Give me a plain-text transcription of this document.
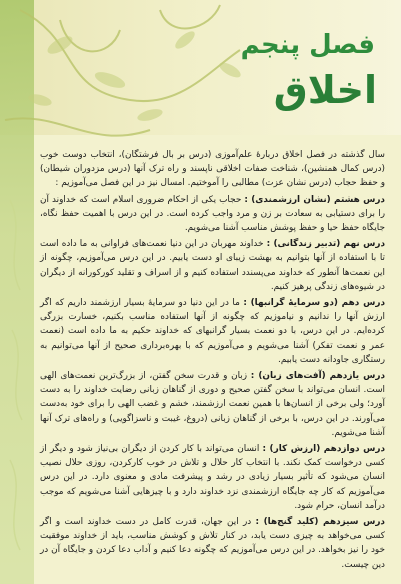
فصل پنجم
اخلاق

سال گذشته در فصل اخلاق دربارهٔ علم‌آموزی (درس بر بال فرشتگان)، انتخاب دوست خوب (درس کمال همنشین)، شناخت صفات اخلاقی ناپسند و راه ترک آنها (درس مزدوران شیطان) و حفظ حجاب (درس نشان عزت) مطالبی را آموختیم. امسال نیز در این فصل می‌آموزیم :

درس هشتم (نشان ارزشمندی) : حجاب یکی از احکام ضروری اسلام است که خداوند آن را برای دستیابی به سعادت بر زن و مرد واجب کرده است. در این درس با اهمیت حفظ نگاه، جایگاه حفظ حیا و حفظ پوشش مناسب آشنا می‌شویم.

درس نهم (تدبیر زندگانی) : خداوند مهربان در این دنیا نعمت‌های فراوانی به ما داده است تا با استفاده از آنها بتوانیم به بهشت زیبای او دست یابیم. در این درس می‌آموزیم، چگونه از این نعمت‌ها آنطور که خداوند می‌پسندد استفاده کنیم و از اسراف و تقلید کورکورانه از دیگران در شیوه‌های زندگی پرهیز کنیم.

درس دهم (دو سرمایهٔ گرانبها) : ما در این دنیا دو سرمایهٔ بسیار ارزشمند داریم که اگر ارزش آنها را ندانیم و نیاموزیم که چگونه از آنها استفاده مناسب بکنیم، خسارت بزرگی کرده‌ایم. در این درس، با دو نعمت بسیار گرانبهای که خداوند حکیم به ما داده است (نعمت عمر و نعمت تفکر) آشنا می‌شویم و می‌آموزیم که با بهره‌برداری صحیح از آنها می‌توانیم به رستگاری جاودانه دست یابیم.

درس یازدهم (آفت‌های زبان) : زبان و قدرت سخن گفتن، از بزرگ‌ترین نعمت‌های الهی است. انسان می‌تواند با سخن گفتن صحیح و دوری از گناهان زبانی رضایت خداوند را به دست آورد؛ ولی برخی از انسان‌ها با همین نعمت ارزشمند، خشم و غضب الهی را برای خود به‌دست می‌آورند. در این درس، با برخی از گناهان زبانی (دروغ، غیبت و ناسزاگویی) و راه‌های ترک آنها آشنا می‌شویم.

درس دوازدهم (ارزش کار) : انسان می‌تواند با کار کردن از دیگران بی‌نیاز شود و دیگر از کسی درخواست کمک نکند. با انتخاب کار حلال و تلاش در خوب کارکردن، روزی حلال نصیب انسان می‌شود که تأثیر بسیار زیادی در رشد و پیشرفت مادی و معنوی دارد. در این درس می‌آموزیم که کار چه جایگاه ارزشمندی نزد خداوند دارد و با چیزهایی آشنا می‌شویم که موجب درآمد انسان، حرام شود.

درس سیزدهم (کلید گنج‌ها) : در این جهان، قدرت کامل در دست خداوند است و اگر کسی می‌خواهد به چیزی دست یابد، در کنار تلاش و کوشش مناسب، باید از خداوند موفقیت خود را نیز بخواهد. در این درس می‌آموزیم که چگونه دعا کنیم و آداب دعا کردن و جایگاه آن در دین چیست.
